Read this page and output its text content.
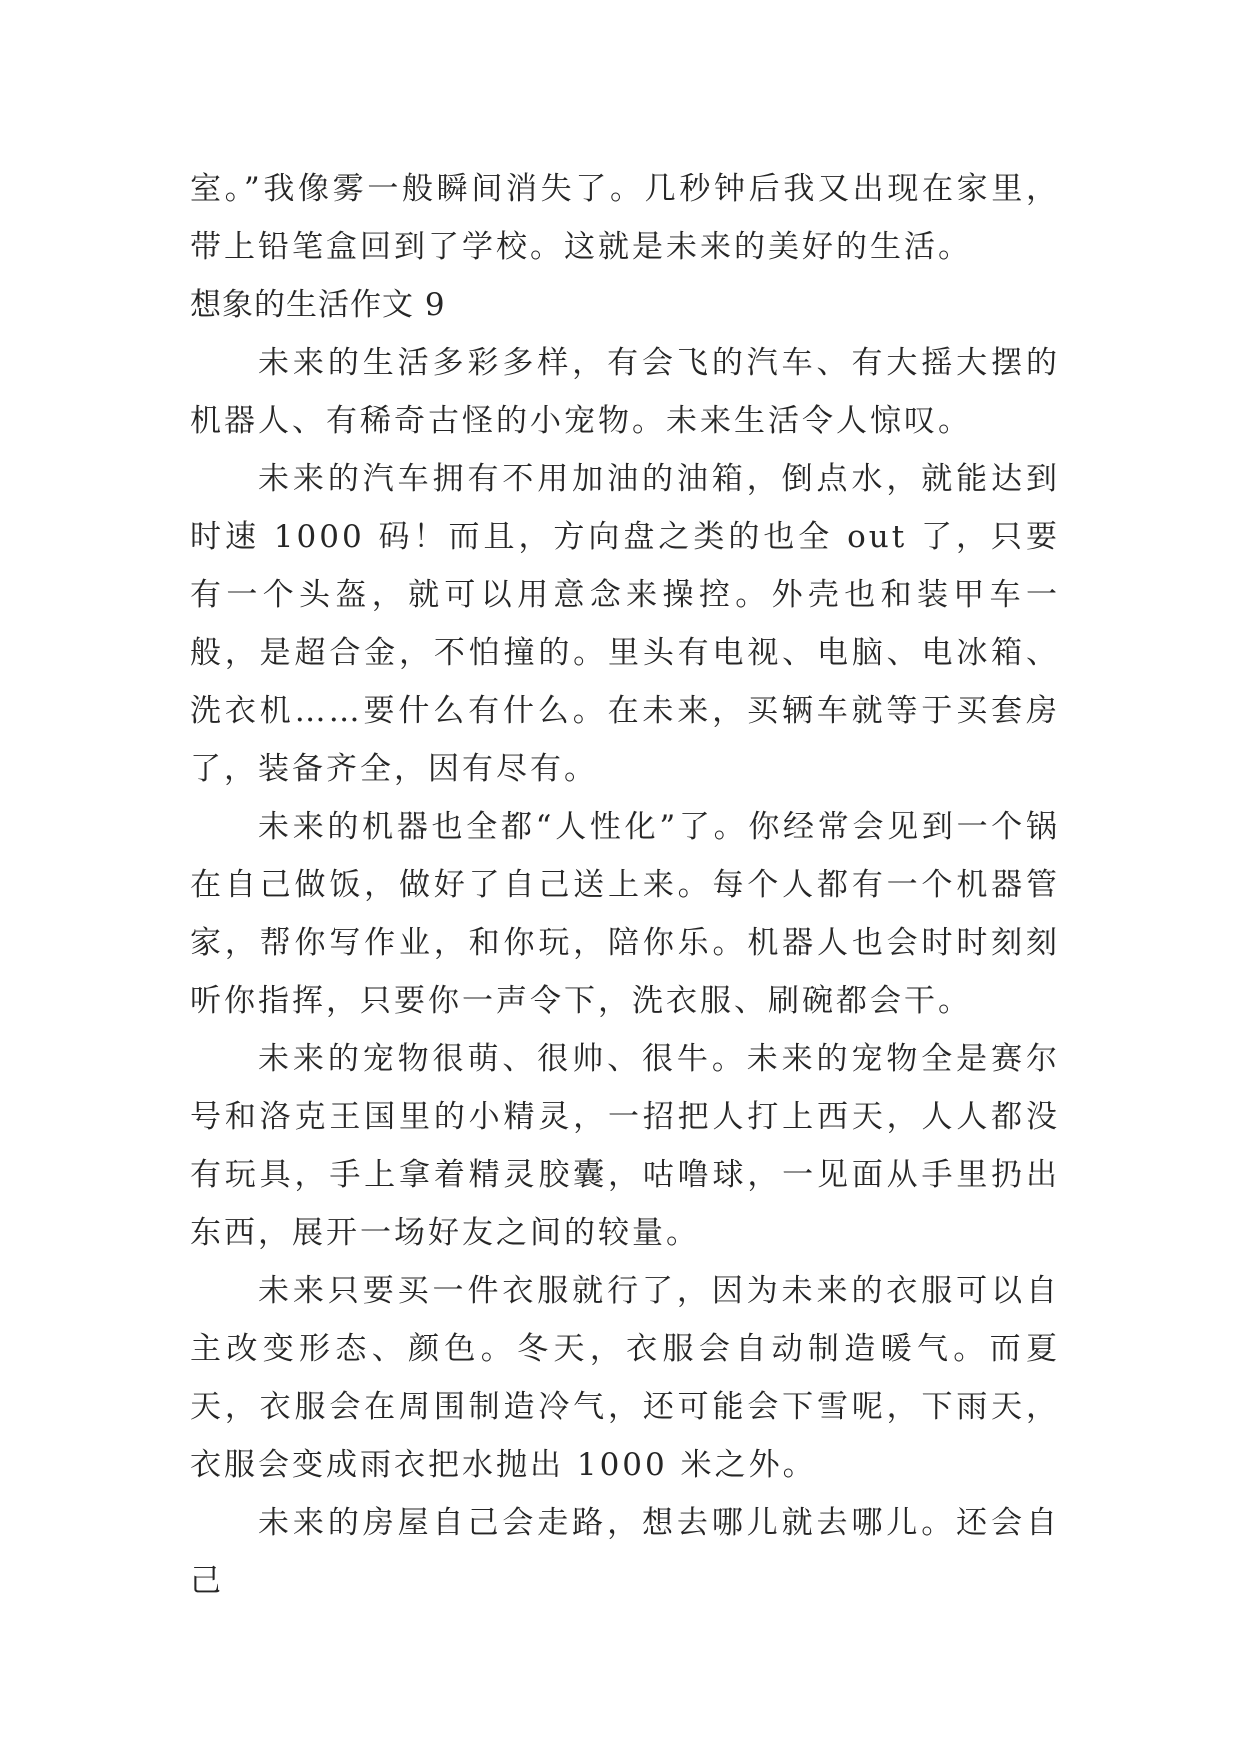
室。”我像雾一般瞬间消失了。几秒钟后我又出现在家里，带上铅笔盒回到了学校。这就是未来的美好的生活。

想象的生活作文 9

未来的生活多彩多样，有会飞的汽车、有大摇大摆的机器人、有稀奇古怪的小宠物。未来生活令人惊叹。

未来的汽车拥有不用加油的油箱，倒点水，就能达到时速 1000 码！而且，方向盘之类的也全 out 了，只要有一个头盔，就可以用意念来操控。外壳也和装甲车一般，是超合金，不怕撞的。里头有电视、电脑、电冰箱、洗衣机……要什么有什么。在未来，买辆车就等于买套房了，装备齐全，因有尽有。

未来的机器也全都“人性化”了。你经常会见到一个锅在自己做饭，做好了自己送上来。每个人都有一个机器管家，帮你写作业，和你玩，陪你乐。机器人也会时时刻刻听你指挥，只要你一声令下，洗衣服、刷碗都会干。

未来的宠物很萌、很帅、很牛。未来的宠物全是赛尔号和洛克王国里的小精灵，一招把人打上西天，人人都没有玩具，手上拿着精灵胶囊，咕噜球，一见面从手里扔出东西，展开一场好友之间的较量。

未来只要买一件衣服就行了，因为未来的衣服可以自主改变形态、颜色。冬天，衣服会自动制造暖气。而夏天，衣服会在周围制造冷气，还可能会下雪呢，下雨天，衣服会变成雨衣把水抛出 1000 米之外。

未来的房屋自己会走路，想去哪儿就去哪儿。还会自己
